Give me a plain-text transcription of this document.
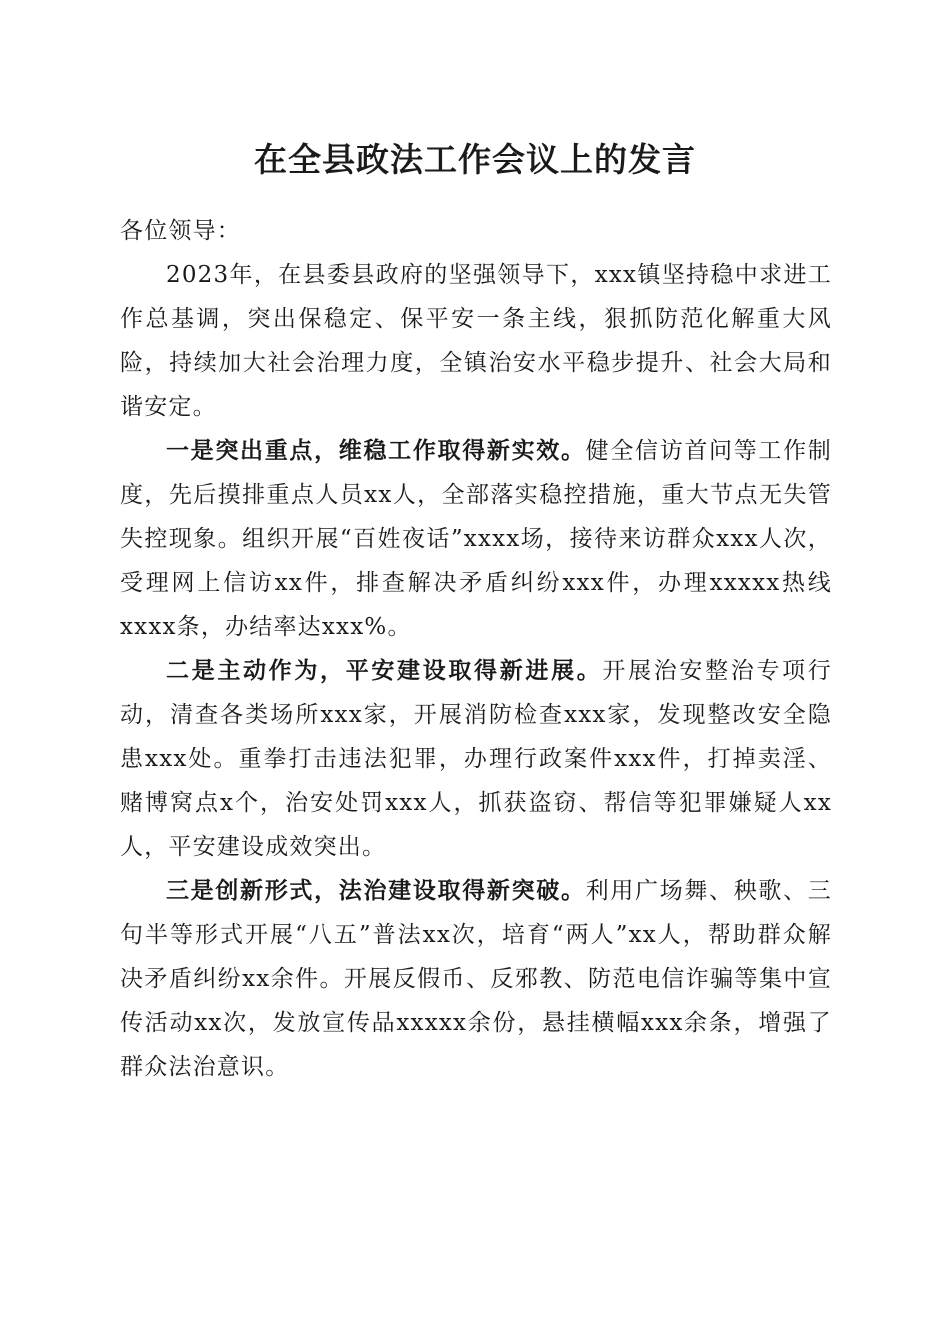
在全县政法工作会议上的发言

各位领导：

2023年，在县委县政府的坚强领导下，xxx镇坚持稳中求进工作总基调，突出保稳定、保平安一条主线，狠抓防范化解重大风险，持续加大社会治理力度，全镇治安水平稳步提升、社会大局和谐安定。

一是突出重点，维稳工作取得新实效。健全信访首问等工作制度，先后摸排重点人员xx人，全部落实稳控措施，重大节点无失管失控现象。组织开展“百姓夜话”xxxx场，接待来访群众xxx人次，受理网上信访xx件，排查解决矛盾纠纷xxx件，办理xxxxx热线xxxx条，办结率达xxx%。

二是主动作为，平安建设取得新进展。开展治安整治专项行动，清查各类场所xxx家，开展消防检查xxx家，发现整改安全隐患xxx处。重拳打击违法犯罪，办理行政案件xxx件，打掉卖淫、赌博窝点x个，治安处罚xxx人，抓获盗窃、帮信等犯罪嫌疑人xx人，平安建设成效突出。

三是创新形式，法治建设取得新突破。利用广场舞、秧歌、三句半等形式开展“八五”普法xx次，培育“两人”xx人，帮助群众解决矛盾纠纷xx余件。开展反假币、反邪教、防范电信诈骗等集中宣传活动xx次，发放宣传品xxxxx余份，悬挂横幅xxx余条，增强了群众法治意识。
